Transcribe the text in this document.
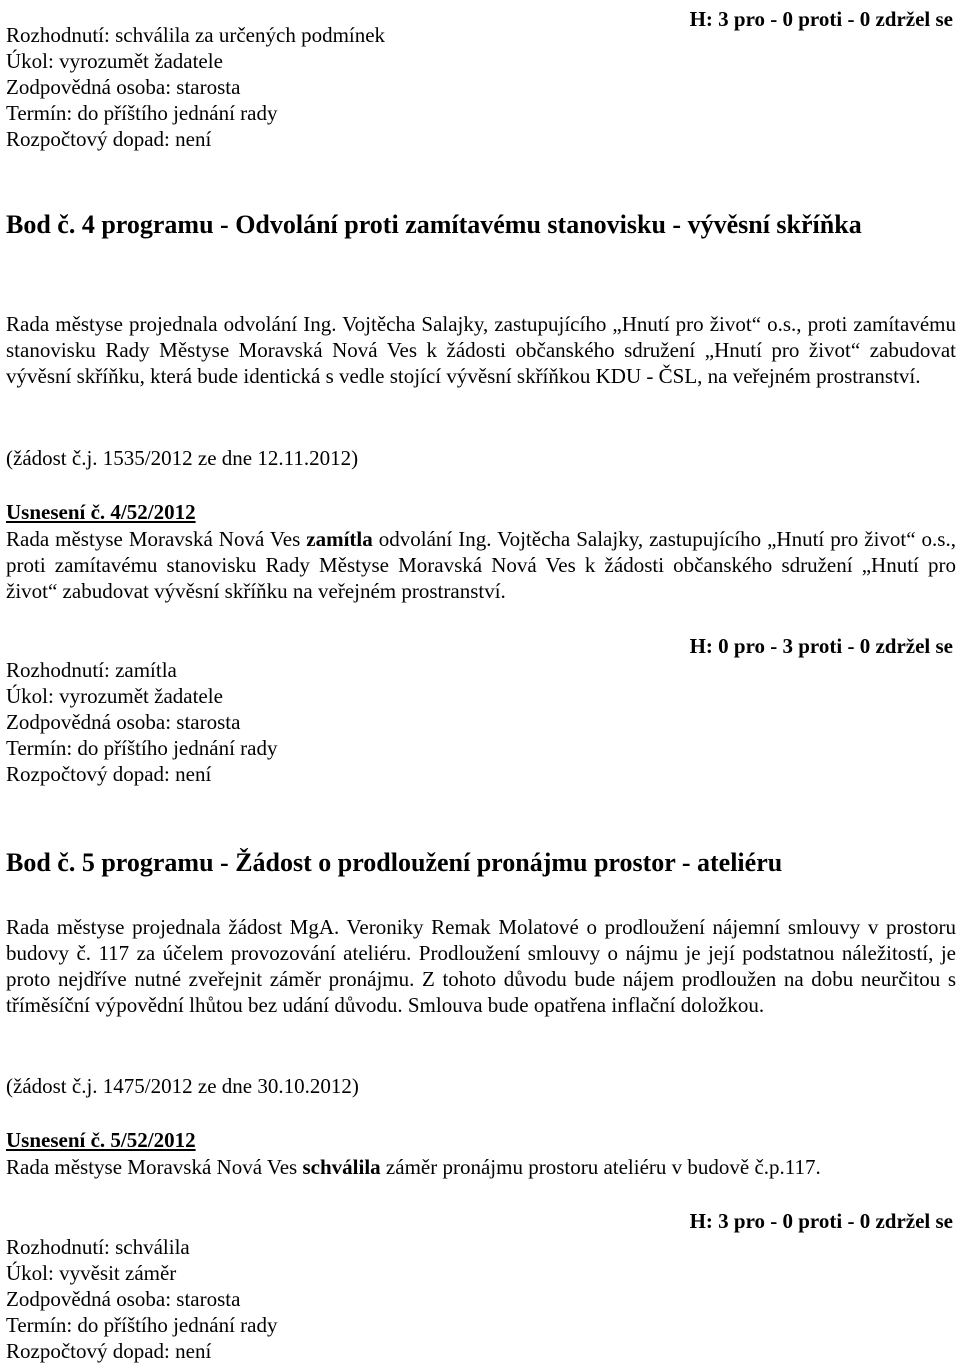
H: 3 pro - 0 proti - 0 zdržel se
Rozhodnutí: schválila za určených podmínek
Úkol: vyrozumět žadatele
Zodpovědná osoba: starosta
Termín: do příštího jednání rady
Rozpočtový dopad: není
Bod č. 4 programu - Odvolání proti zamítavému stanovisku - vývěsní skříňka
Rada městyse projednala odvolání Ing. Vojtěcha Salajky, zastupujícího „Hnutí pro život“ o.s., proti zamítavému stanovisku Rady Městyse Moravská Nová Ves k žádosti občanského sdružení „Hnutí pro život“ zabudovat vývěsní skříňku, která bude identická s vedle stojící vývěsní skříňkou KDU - ČSL, na veřejném prostranství.
(žádost č.j. 1535/2012 ze dne 12.11.2012)
Usnesení č. 4/52/2012
Rada městyse Moravská Nová Ves zamítla odvolání Ing. Vojtěcha Salajky, zastupujícího „Hnutí pro život“ o.s., proti zamítavému stanovisku Rady Městyse Moravská Nová Ves k žádosti občanského sdružení „Hnutí pro život“ zabudovat vývěsní skříňku na veřejném prostranství.
H: 0 pro - 3 proti - 0 zdržel se
Rozhodnutí: zamítla
Úkol: vyrozumět žadatele
Zodpovědná osoba: starosta
Termín: do příštího jednání rady
Rozpočtový dopad: není
Bod č. 5 programu - Žádost o prodloužení pronájmu prostor - ateliéru
Rada městyse projednala žádost MgA. Veroniky Remak Molatové o prodloužení nájemní smlouvy v prostoru budovy č. 117 za účelem provozování ateliéru. Prodloužení smlouvy o nájmu je její podstatnou náležitostí, je proto nejdříve nutné zveřejnit záměr pronájmu. Z tohoto důvodu bude nájem prodloužen na dobu neurčitou s tříměsíční výpovědní lhůtou bez udání důvodu. Smlouva bude opatřena inflační doložkou.
(žádost č.j. 1475/2012 ze dne 30.10.2012)
Usnesení č. 5/52/2012
Rada městyse Moravská Nová Ves schválila záměr pronájmu prostoru ateliéru v budově č.p.117.
H: 3 pro - 0 proti - 0 zdržel se
Rozhodnutí: schválila
Úkol: vyvěsit záměr
Zodpovědná osoba: starosta
Termín: do příštího jednání rady
Rozpočtový dopad: není
